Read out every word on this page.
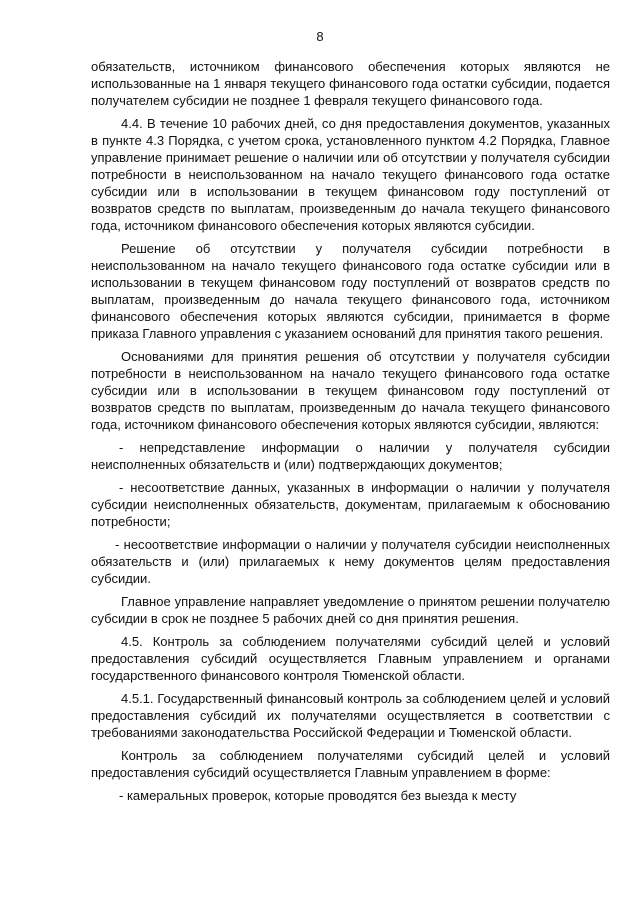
8

обязательств, источником финансового обеспечения которых являются не использованные на 1 января текущего финансового года остатки субсидии, подается получателем субсидии не позднее 1 февраля текущего финансового года.

4.4. В течение 10 рабочих дней, со дня предоставления документов, указанных в пункте 4.3 Порядка, с учетом срока, установленного пунктом 4.2 Порядка, Главное управление принимает решение о наличии или об отсутствии у получателя субсидии потребности в неиспользованном на начало текущего финансового года остатке субсидии или в использовании в текущем финансовом году поступлений от возвратов средств по выплатам, произведенным до начала текущего финансового года, источником финансового обеспечения которых являются субсидии.

Решение об отсутствии у получателя субсидии потребности в неиспользованном на начало текущего финансового года остатке субсидии или в использовании в текущем финансовом году поступлений от возвратов средств по выплатам, произведенным до начала текущего финансового года, источником финансового обеспечения которых являются субсидии, принимается в форме приказа Главного управления с указанием оснований для принятия такого решения.

Основаниями для принятия решения об отсутствии у получателя субсидии потребности в неиспользованном на начало текущего финансового года остатке субсидии или в использовании в текущем финансовом году поступлений от возвратов средств по выплатам, произведенным до начала текущего финансового года, источником финансового обеспечения которых являются субсидии, являются:

- непредставление информации о наличии у получателя субсидии неисполненных обязательств и (или) подтверждающих документов;

- несоответствие данных, указанных в информации о наличии у получателя субсидии неисполненных обязательств, документам, прилагаемым к обоснованию потребности;

- несоответствие информации о наличии у получателя субсидии неисполненных обязательств и (или) прилагаемых к нему документов целям предоставления субсидии.

Главное управление направляет уведомление о принятом решении получателю субсидии в срок не позднее 5 рабочих дней со дня принятия решения.

4.5. Контроль за соблюдением получателями субсидий целей и условий предоставления субсидий осуществляется Главным управлением и органами государственного финансового контроля Тюменской области.

4.5.1. Государственный финансовый контроль за соблюдением целей и условий предоставления субсидий их получателями осуществляется в соответствии с требованиями законодательства Российской Федерации и Тюменской области.

Контроль за соблюдением получателями субсидий целей и условий предоставления субсидий осуществляется Главным управлением в форме:

- камеральных проверок, которые проводятся без выезда к месту
